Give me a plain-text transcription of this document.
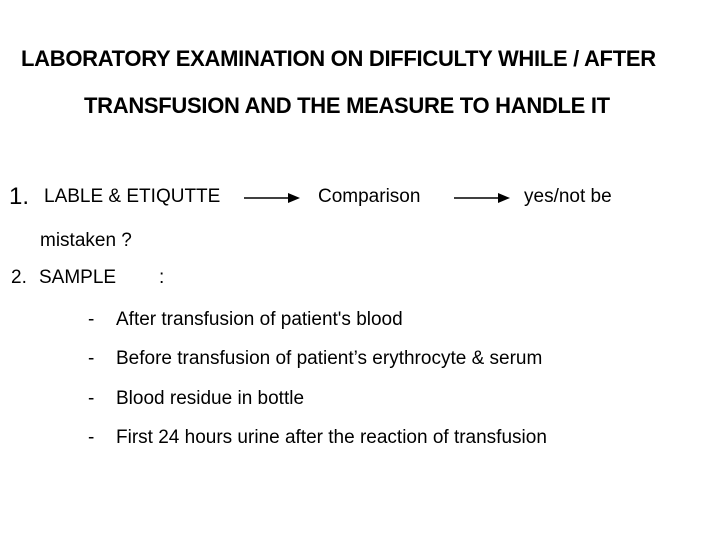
LABORATORY EXAMINATION ON DIFFICULTY WHILE / AFTER
TRANSFUSION AND THE MEASURE TO HANDLE IT
1. LABLE & ETIQUTTE	Comparison	yes/not be
mistaken ?
2. SAMPLE :
- After transfusion of patient's blood
- Before transfusion of patient’s erythrocyte & serum
- Blood residue in bottle
- First 24 hours urine after the reaction of transfusion
